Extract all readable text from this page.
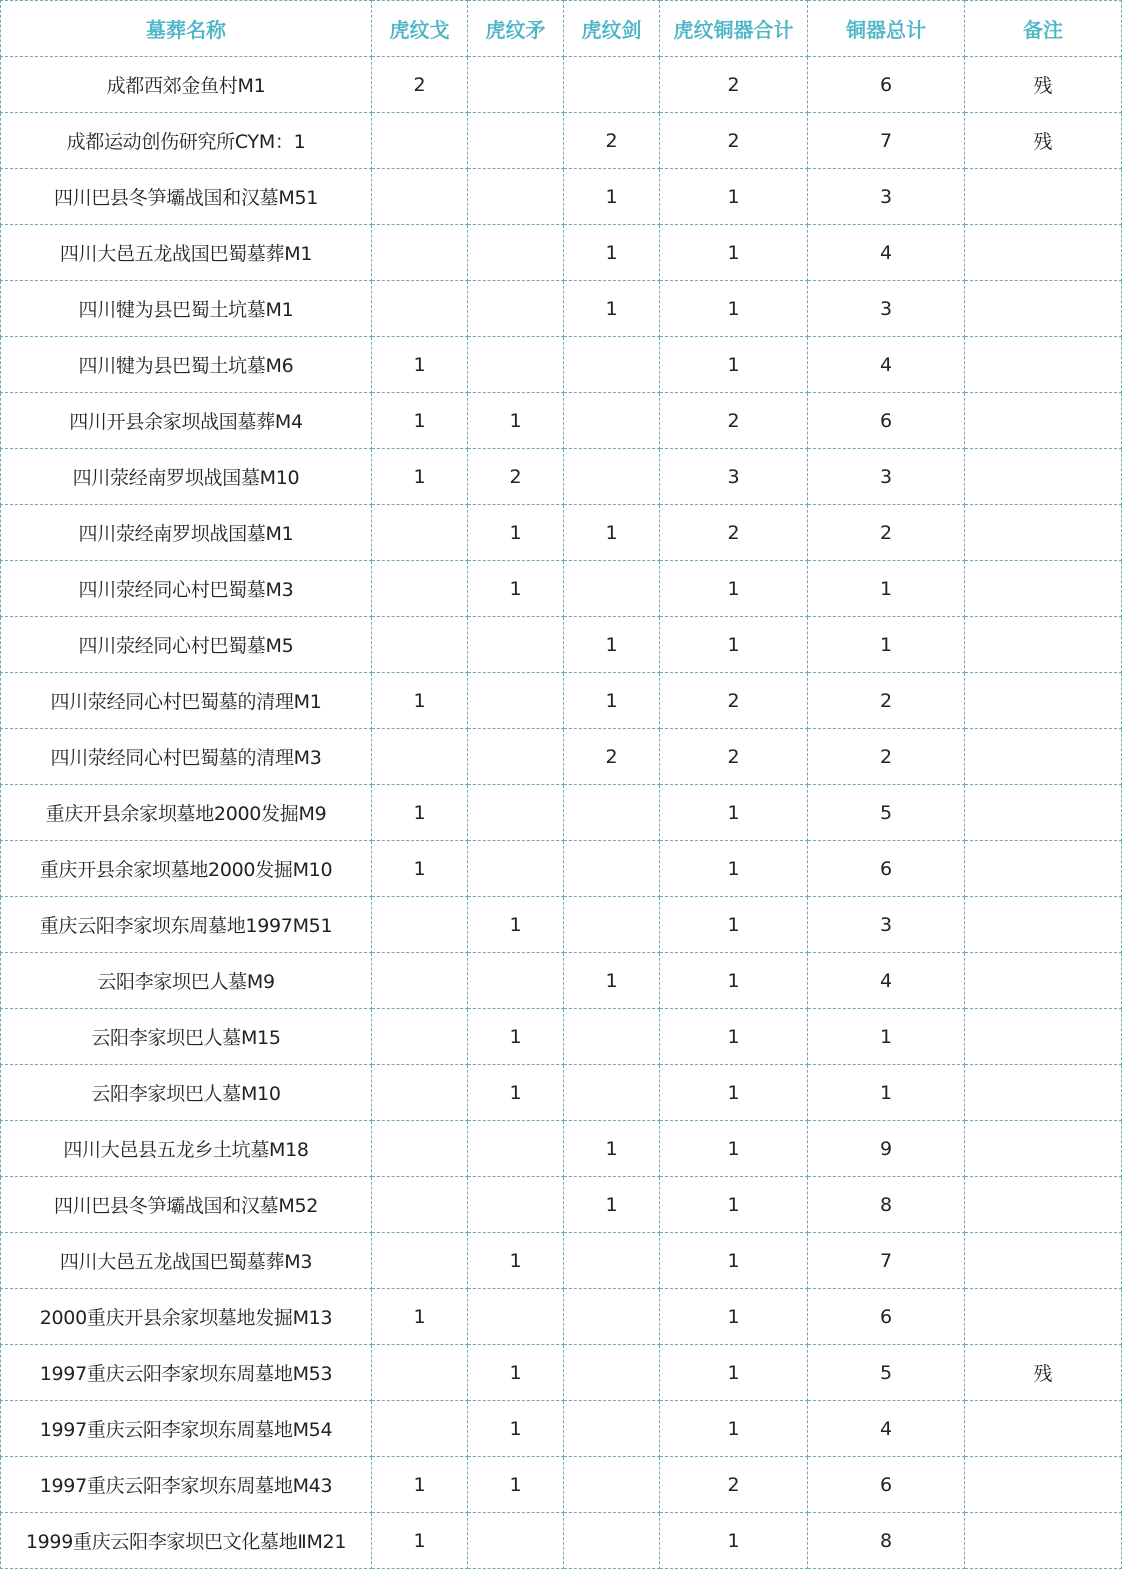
墓葬名称	虎纹戈	虎纹矛	虎纹剑	虎纹铜器合计	铜器总计	备注
成都西郊金鱼村M1	2			2	6	残
成都运动创伤研究所CYM：1			2	2	7	残
四川巴县冬笋壩战国和汉墓M51			1	1	3	
四川大邑五龙战国巴蜀墓葬M1			1	1	4	
四川犍为县巴蜀土坑墓M1			1	1	3	
四川犍为县巴蜀土坑墓M6	1			1	4	
四川开县余家坝战国墓葬M4	1	1		2	6	
四川荥经南罗坝战国墓M10	1	2		3	3	
四川荥经南罗坝战国墓M1		1	1	2	2	
四川荥经同心村巴蜀墓M3		1		1	1	
四川荥经同心村巴蜀墓M5			1	1	1	
四川荥经同心村巴蜀墓的清理M1	1		1	2	2	
四川荥经同心村巴蜀墓的清理M3			2	2	2	
重庆开县余家坝墓地2000发掘M9	1			1	5	
重庆开县余家坝墓地2000发掘M10	1			1	6	
重庆云阳李家坝东周墓地1997M51		1		1	3	
云阳李家坝巴人墓M9			1	1	4	
云阳李家坝巴人墓M15		1		1	1	
云阳李家坝巴人墓M10		1		1	1	
四川大邑县五龙乡土坑墓M18			1	1	9	
四川巴县冬笋壩战国和汉墓M52			1	1	8	
四川大邑五龙战国巴蜀墓葬M3		1		1	7	
2000重庆开县余家坝墓地发掘M13	1			1	6	
1997重庆云阳李家坝东周墓地M53		1		1	5	残
1997重庆云阳李家坝东周墓地M54		1		1	4	
1997重庆云阳李家坝东周墓地M43	1	1		2	6	
1999重庆云阳李家坝巴文化墓地ⅡM21	1			1	8	
